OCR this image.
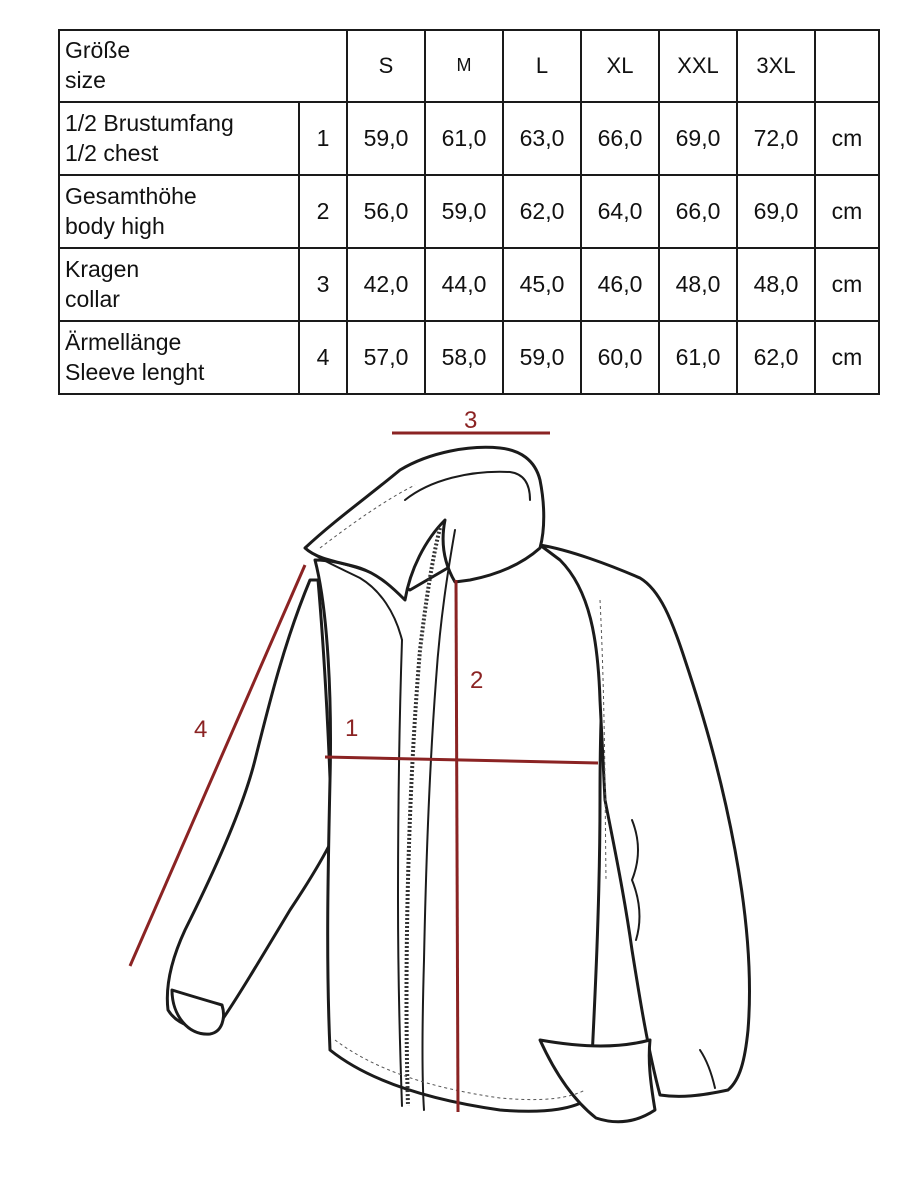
Größe
size		S	M	L	XL	XXL	3XL	

1/2 Brustumfang
1/2 chest	1	59,0	61,0	63,0	66,0	69,0	72,0	cm

Gesamthöhe
body high	2	56,0	59,0	62,0	64,0	66,0	69,0	cm

Kragen
collar	3	42,0	44,0	45,0	46,0	48,0	48,0	cm

Ärmellänge
Sleeve lenght	4	57,0	58,0	59,0	60,0	61,0	62,0	cm
3
2
1
4
